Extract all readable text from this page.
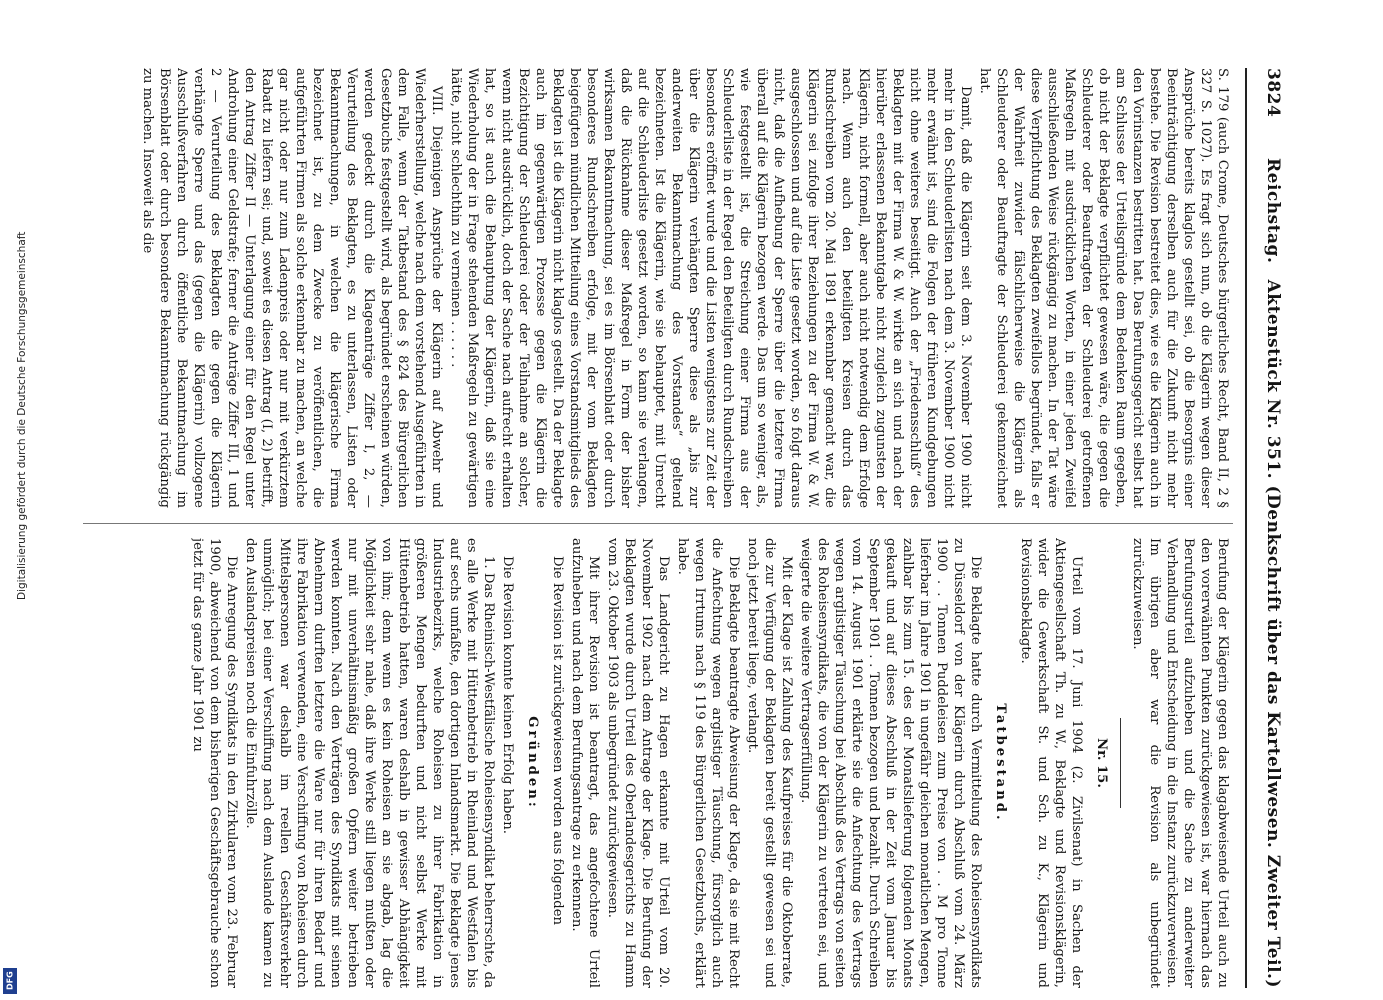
3824
Reichstag.
Aktenstück Nr. 351. (Denkschrift über das Kartellwesen. Zweiter Teil.)

S. 179 (auch Crome, Deutsches bürgerliches Recht, Band II, 2 § 327 S. 1027). Es fragt sich nun, ob die Klägerin wegen dieser Ansprüche bereits klaglos gestellt sei, ob die Besorgnis einer Beeinträchtigung derselben auch für die Zukunft nicht mehr bestehe. Die Revision bestreitet dies, wie es die Klägerin auch in den Vorinstanzen bestritten hat. Das Berufungsgericht selbst hat am Schlusse der Urteilsgründe dem Bedenken Raum gegeben, ob nicht der Beklagte verpflichtet gewesen wäre, die gegen die Schleuderer oder Beauftragten der Schleuderei getroffenen Maßregeln mit ausdrücklichen Worten, in einer jeden Zweifel ausschließenden Weise rückgängig zu machen. In der Tat wäre diese Verpflichtung des Beklagten zweifellos begründet, falls er der Wahrheit zuwider fälschlicherweise die Klägerin als Schleuderer oder Beauftragte der Schleuderei gekennzeichnet hat.

Damit, daß die Klägerin seit dem 3. November 1900 nicht mehr in den Schleuderlisten nach dem 3. November 1900 nicht mehr erwähnt ist, sind die Folgen der früheren Kundgebungen nicht ohne weiteres beseitigt. Auch der „Friedensschluß“ des Beklagten mit der Firma W. & W. wirkte an sich und nach der hierüber erlassenen Bekanntgabe nicht zugleich zugunsten der Klägerin, nicht formell, aber auch nicht notwendig dem Erfolge nach. Wenn auch den beteiligten Kreisen durch das Rundschreiben vom 20. Mai 1891 erkennbar gemacht war, die Klägerin sei zufolge ihrer Beziehungen zu der Firma W. & W. ausgeschlossen und auf die Liste gesetzt worden, so folgt daraus nicht, daß die Aufhebung der Sperre über die letztere Firma überall auf die Klägerin bezogen werde. Das um so weniger, als, wie festgestellt ist, die Streichung einer Firma aus der Schleuderliste in der Regel den Beteiligten durch Rundschreiben besonders eröffnet wurde und die Listen wenigstens zur Zeit der über die Klägerin verhängten Sperre diese als „bis zur anderweiten Bekanntmachung des Vorstandes“ geltend bezeichneten. Ist die Klägerin, wie sie behauptet, mit Unrecht auf die Schleuderliste gesetzt worden, so kann sie verlangen, daß die Rücknahme dieser Maßregel in Form der bisher wirksamen Bekanntmachung, sei es im Börsenblatt oder durch besonderes Rundschreiben erfolge, mit der vom Beklagten beigefügten mündlichen Mitteilung eines Vorstandsmitglieds des Beklagten ist die Klägerin nicht klaglos gestellt. Da der Beklagte auch im gegenwärtigen Prozesse gegen die Klägerin die Bezichtigung der Schleuderei oder der Teilnahme an solcher, wenn nicht ausdrücklich, doch der Sache nach aufrecht erhalten hat, so ist auch die Behauptung der Klägerin, daß sie eine Wiederholung der in Frage stehenden Maßregeln zu gewärtigen hätte, nicht schlechthin zu verneinen . . . . . .

VIII. Diejenigen Ansprüche der Klägerin auf Abwehr und Wiederherstellung, welche nach dem vorstehend Ausgeführten in dem Falle, wenn der Tatbestand des § 824 des Bürgerlichen Gesetzbuchs festgestellt wird, als begründet erscheinen würden, werden gedeckt durch die Klageanträge Ziffer I, 2, — Verurteilung des Beklagten, es zu unterlassen, Listen oder Bekanntmachungen, in welchen die klägerische Firma bezeichnet ist, zu dem Zwecke zu veröffentlichen, die aufgeführten Firmen als solche erkennbar zu machen, an welche gar nicht oder nur zum Ladenpreis oder nur mit verkürztem Rabatt zu liefern sei; und, soweit es diesen Antrag (I, 2) betrifft, den Antrag Ziffer II — Unterlagung einer für den Regel unter Androhung einer Geldstrafe; ferner die Anträge Ziffer III, 1 und 2 — Verurteilung des Beklagten die gegen die Klägerin verhängte Sperre und das (gegen die Klägerin) vollzogene Ausschlußverfahren durch öffentliche Bekanntmachung im Börsenblatt oder durch besondere Bekanntmachung rückgängig zu machen. Insoweit als die

Berufung der Klägerin gegen das klagabweisende Urteil auch zu den vorerwähnten Punkten zurückgewiesen ist, war hiernach das Berufungsurteil aufzuheben und die Sache zu anderweiter Verhandlung und Entscheidung in die Instanz zurückzuverweisen. Im übrigen aber war die Revision als unbegründet zurückzuweisen.

Nr. 15.

Urteil vom 17. Juni 1904 (2. Zivilsenat) in Sachen der Aktiengesellschaft Th. zu W., Beklagte und Revisionsklägerin, wider die Gewerkschaft St. und Sch. zu K., Klägerin und Revisionsbeklagte.

Tatbestand.

Die Beklagte hatte durch Vermittelung des Roheisensyndikats zu Düsseldorf von der Klägerin durch Abschluß vom 24. März 1900 . . Tonnen Puddeleisen zum Preise von . . M pro Tonne lieferbar im Jahre 1901 in ungefähr gleichen monatlichen Mengen, zahlbar bis zum 15. des der Monatslieferung folgenden Monats gekauft und auf dieses Abschluß in der Zeit vom Januar bis September 1901 . . Tonnen bezogen und bezahlt. Durch Schreiben vom 14. August 1901 erklärte sie die Anfechtung des Vertrags wegen arglistiger Täuschung bei Abschluß des Vertrags von seiten des Roheisensyndikats, die von der Klägerin zu vertreten sei, und weigerte die weitere Vertragserfüllung.

Mit der Klage ist Zahlung des Kaufpreises für die Oktoberrate, die zur Verfügung der Beklagten bereit gestellt gewesen sei und noch jetzt bereit liege, verlangt.

Die Beklagte beantragte Abweisung der Klage, da sie mit Recht die Anfechtung wegen arglistiger Täuschung, fürsorglich auch wegen Irrtums nach § 119 des Bürgerlichen Gesetzbuchs, erklärt habe.

Das Landgericht zu Hagen erkannte mit Urteil vom 20. November 1902 nach dem Antrage der Klage. Die Berufung der Beklagten wurde durch Urteil des Oberlandesgerichts zu Hamm vom 23. Oktober 1903 als unbegründet zurückgewiesen.

Mit ihrer Revision ist beantragt, das angefochtene Urteil aufzuheben und nach dem Berufungsantrage zu erkennen.

Die Revision ist zurückgewiesen worden aus folgenden

Gründen:

Die Revision konnte keinen Erfolg haben.

1. Das Rheinisch-Westfälische Roheisensyndikat beherrschte, da es alle Werke mit Hüttenbetrieb in Rheinland und Westfalen bis auf sechs umfaßte, den dortigen Inlandsmarkt. Die Beklagte jenes Industriebezirks, welche Roheisen zu ihrer Fabrikation in größeren Mengen bedurften und nicht selbst Werke mit Hüttenbetrieb hatten, waren deshalb in gewisser Abhängigkeit von ihm; denn wenn es kein Roheisen an sie abgab, lag die Möglichkeit sehr nahe, daß ihre Werke still liegen mußten oder nur mit unverhältnismäßig großen Opfern weiter betrieben werden konnten. Nach den Verträgen des Syndikats mit seinen Abnehmern durften letztere die Ware nur für ihren Bedarf und ihre Fabrikation verwenden, eine Verschiffung von Roheisen durch Mittelspersonen war deshalb im reellen Geschäftsverkehr unmöglich; bei einer Verschiffung nach dem Auslande kamen zu den Auslandspreisen noch die Einfuhrzölle.

Die Anregung des Syndikats in den Zirkularen vom 23. Februar 1900, abweichend von dem bisherigen Geschäftsgebrauche schon jetzt für das ganze Jahr 1901 zu

Digitalisierung gefördert durch die Deutsche Forschungsgemeinschaft
DFG
